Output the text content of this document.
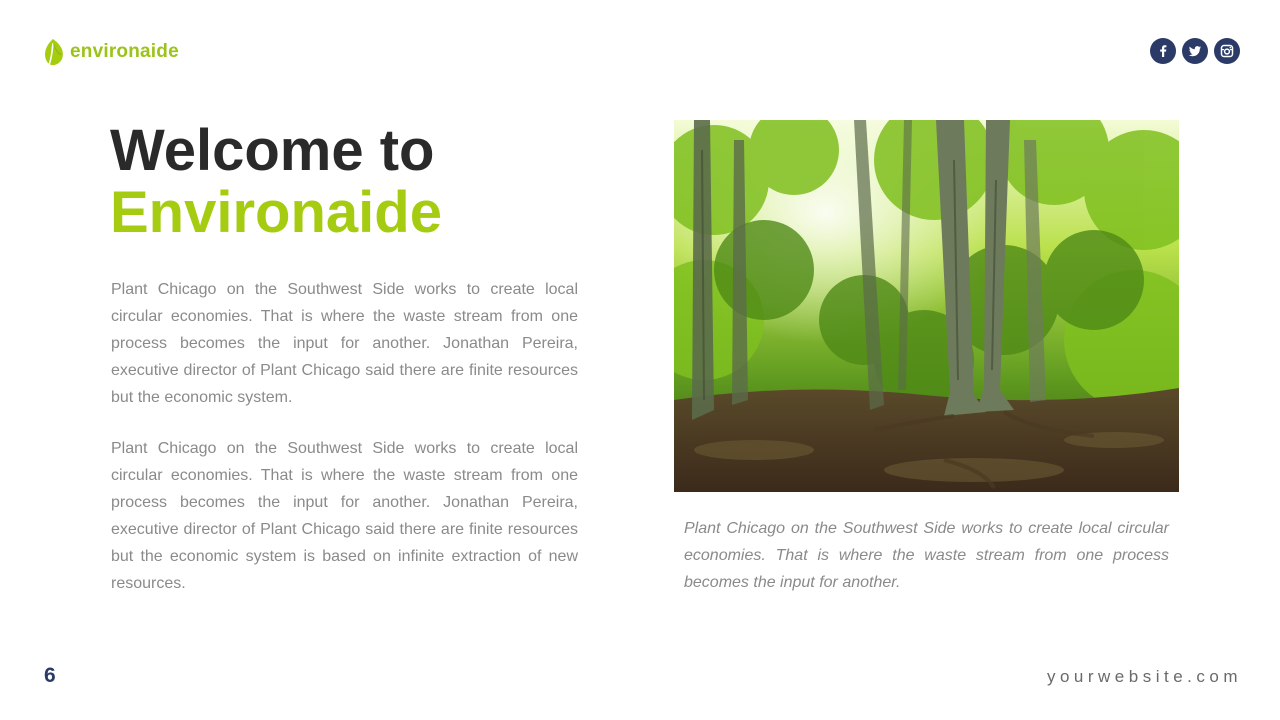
environaide
Welcome to
Environaide

Plant Chicago on the Southwest Side works to create local circular economies. That is where the waste stream from one process becomes the input for another. Jonathan Pereira, executive director of Plant Chicago said there are finite resources but the economic system.

Plant Chicago on the Southwest Side works to create local circular economies. That is where the waste stream from one process becomes the input for another. Jonathan Pereira, executive director of Plant Chicago said there are finite resources but the economic system is based on infinite extraction of new resources.

Plant Chicago on the Southwest Side works to create local circular economies. That is where the waste stream from one process becomes the input for another.

6	yourwebsite.com
